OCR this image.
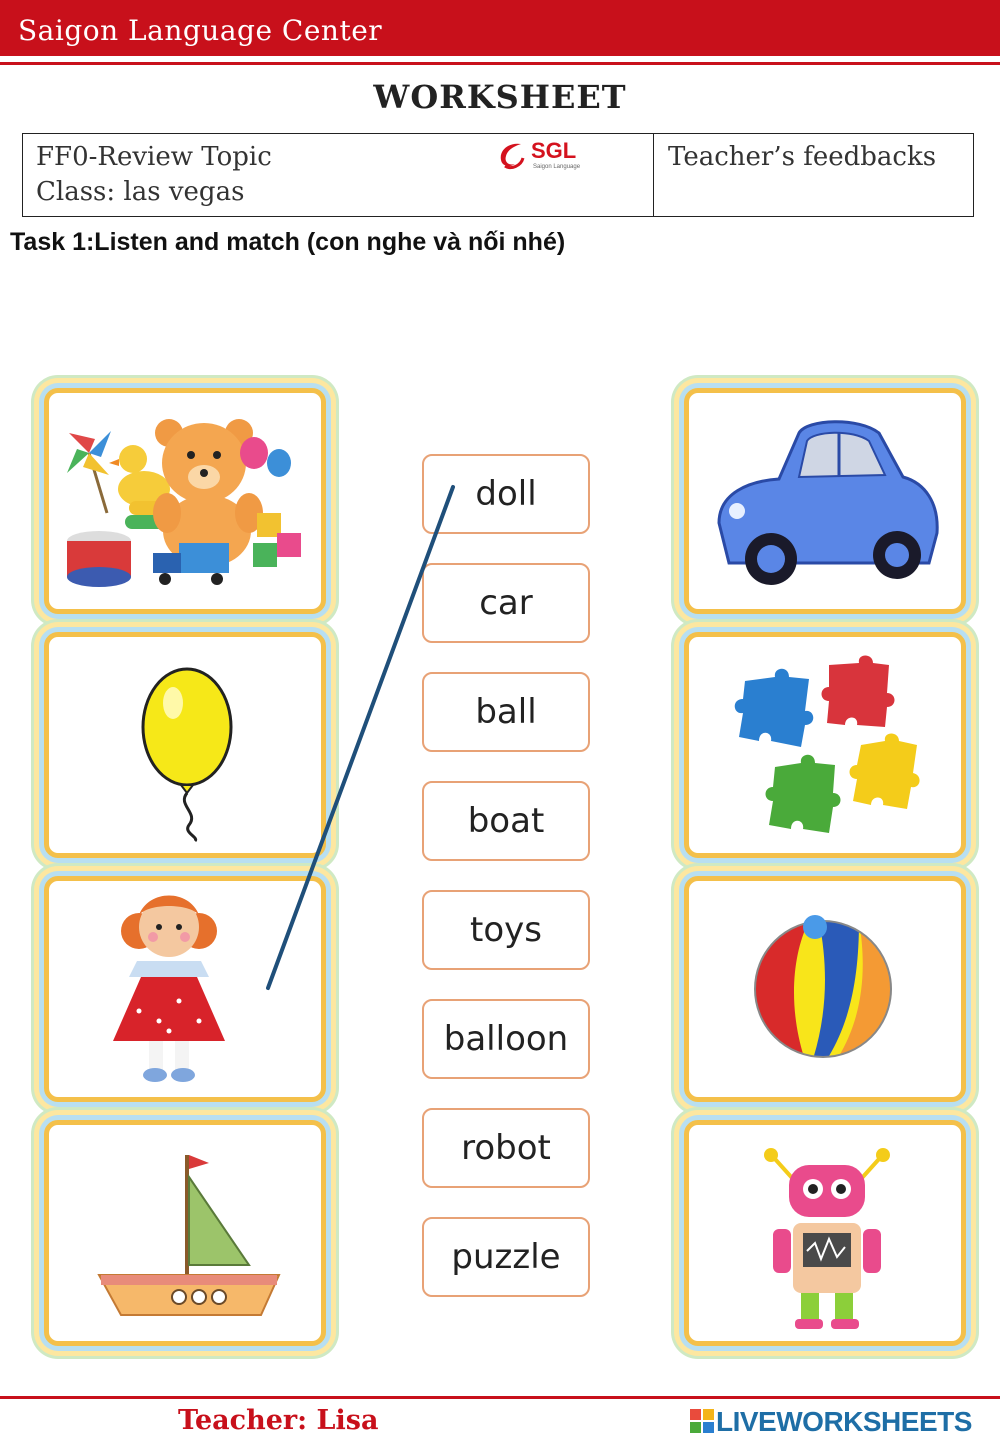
Saigon Language Center
WORKSHEET
FF0-Review Topic
Class: las vegas
SGL
Saigon Language	Teacher’s feedbacks
Task 1:Listen and match (con nghe và nối nhé)
doll
car
ball
boat
toys
balloon
robot
puzzle
Teacher: Lisa	LIVEWORKSHEETS
